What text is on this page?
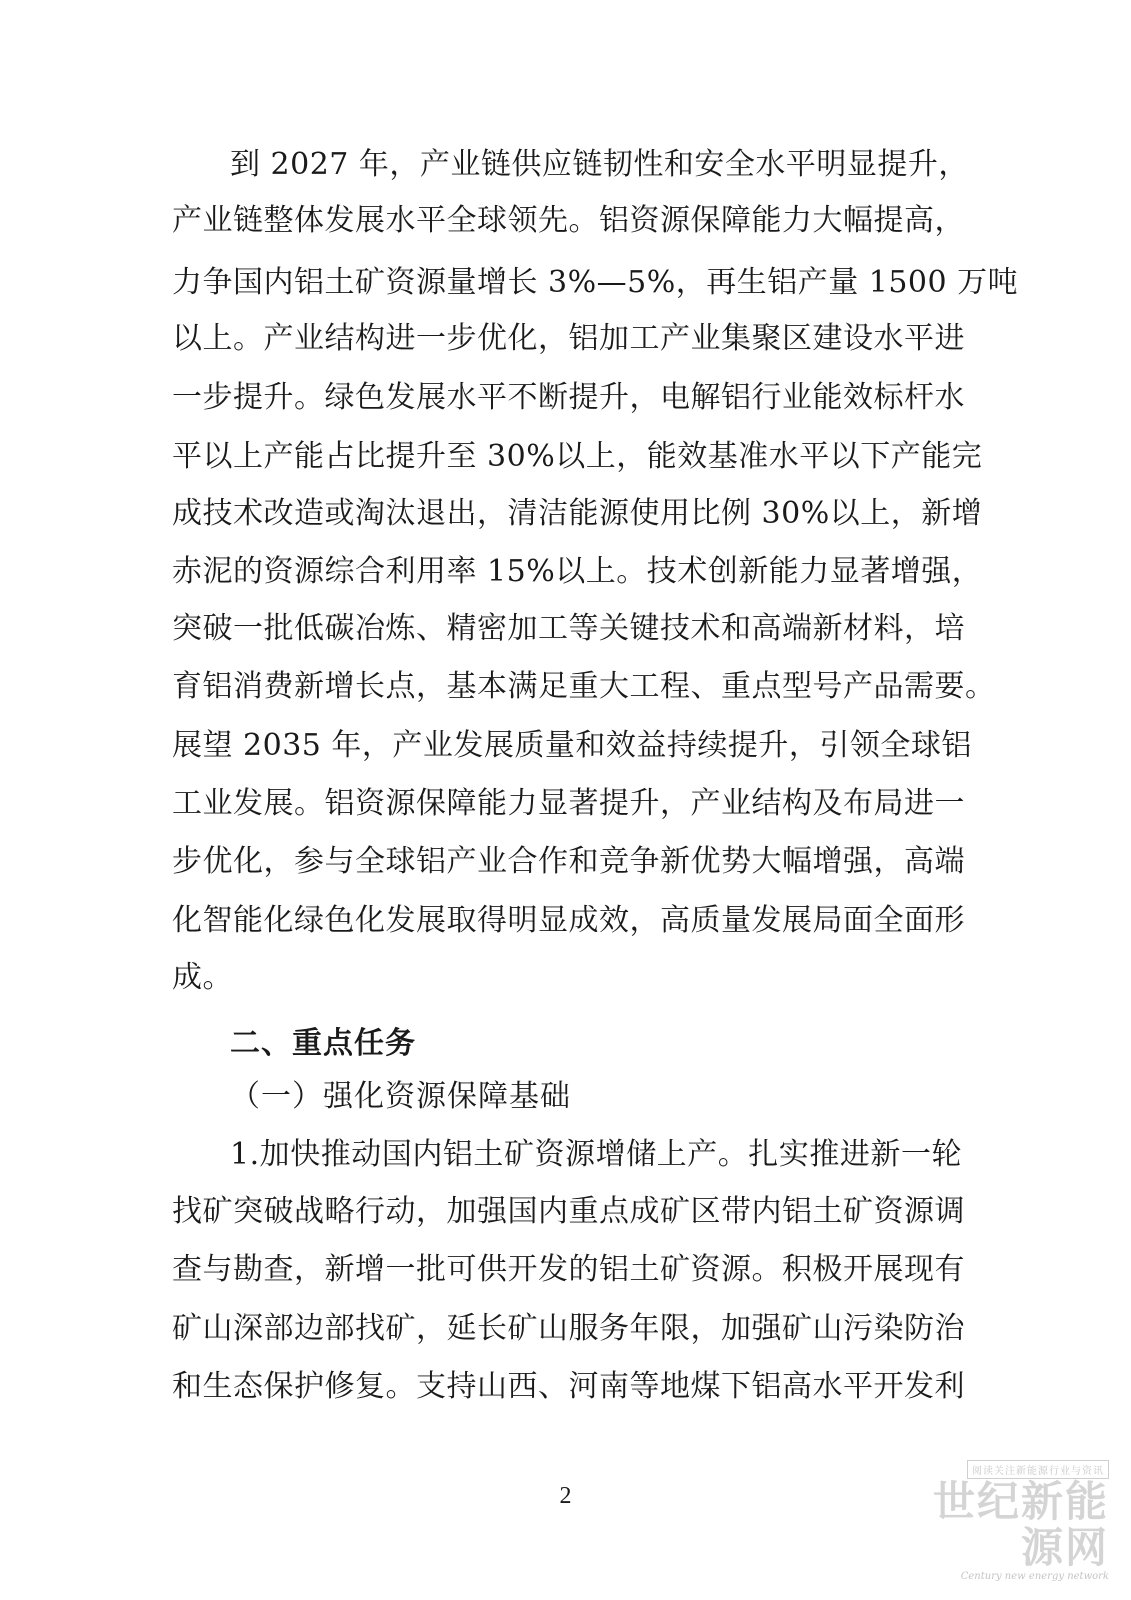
到 2027 年，产业链供应链韧性和安全水平明显提升，
产业链整体发展水平全球领先。铝资源保障能力大幅提高，
力争国内铝土矿资源量增长 3%—5%，再生铝产量 1500 万吨
以上。产业结构进一步优化，铝加工产业集聚区建设水平进
一步提升。绿色发展水平不断提升，电解铝行业能效标杆水
平以上产能占比提升至 30%以上，能效基准水平以下产能完
成技术改造或淘汰退出，清洁能源使用比例 30%以上，新增
赤泥的资源综合利用率 15%以上。技术创新能力显著增强，
突破一批低碳冶炼、精密加工等关键技术和高端新材料，培
育铝消费新增长点，基本满足重大工程、重点型号产品需要。
展望 2035 年，产业发展质量和效益持续提升，引领全球铝
工业发展。铝资源保障能力显著提升，产业结构及布局进一
步优化，参与全球铝产业合作和竞争新优势大幅增强，高端
化智能化绿色化发展取得明显成效，高质量发展局面全面形
成。
二、重点任务
（一）强化资源保障基础
1.加快推动国内铝土矿资源增储上产。扎实推进新一轮
找矿突破战略行动，加强国内重点成矿区带内铝土矿资源调
查与勘查，新增一批可供开发的铝土矿资源。积极开展现有
矿山深部边部找矿，延长矿山服务年限，加强矿山污染防治
和生态保护修复。支持山西、河南等地煤下铝高水平开发利
2
阅读关注新能源行业与资讯
世纪新能源网
Century new energy network
